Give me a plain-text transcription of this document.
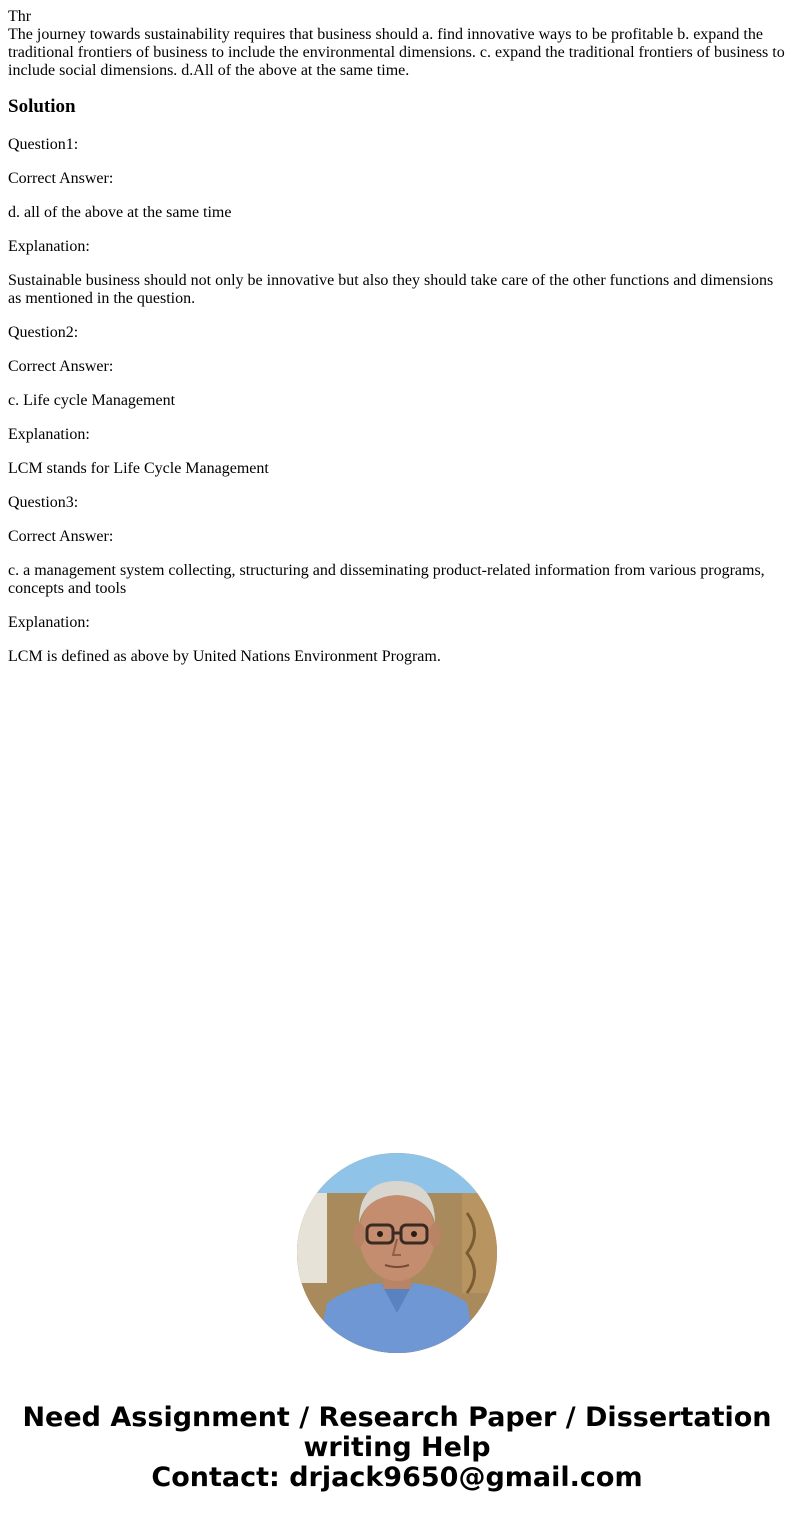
Thr
The journey towards sustainability requires that business should a. find innovative ways to be profitable b. expand the traditional frontiers of business to include the environmental dimensions. c. expand the traditional frontiers of business to include social dimensions. d.All of the above at the same time.
Solution

Question1:

Correct Answer:

d. all of the above at the same time

Explanation:

Sustainable business should not only be innovative but also they should take care of the other functions and dimensions as mentioned in the question.

Question2:

Correct Answer:

c. Life cycle Management

Explanation:

LCM stands for Life Cycle Management

Question3:

Correct Answer:

c. a management system collecting, structuring and disseminating product-related information from various programs, concepts and tools

Explanation:

LCM is defined as above by United Nations Environment Program.

Need Assignment / Research Paper / Dissertation
writing Help
Contact: drjack9650@gmail.com
